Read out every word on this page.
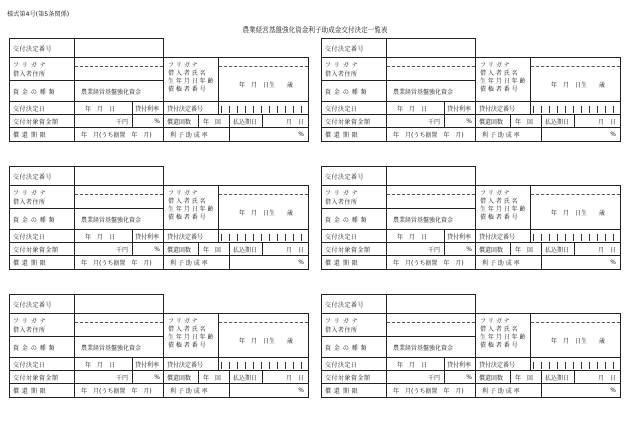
様式第4号(第5条関係)
農業経営基盤強化資金利子助成金交付決定一覧表
交付決定番号
フ リ ガ ナ
借入者住所
フ リ ガ ナ
借 入 者 氏 名
生 年 月 日 年 齢
債 権 者 番 号
年　月　日生　　歳
資 金 の 種 類	農業経営基盤強化資金
交付決定日	年　月　日	貸付利率	貸付決定番号
交付対象資金額	千円	%	償還回数	年　回	払込期日	月　日
償 還 期 限	年　月(うち据置　年　月)	利 子 助 成 率	%
交付決定番号
フ リ ガ ナ
借入者住所
フ リ ガ ナ
借 入 者 氏 名
生 年 月 日 年 齢
債 権 者 番 号
年　月　日生　　歳
資 金 の 種 類	農業経営基盤強化資金
交付決定日	年　月　日	貸付利率	貸付決定番号
交付対象資金額	千円	%	償還回数	年　回	払込期日	月　日
償 還 期 限	年　月(うち据置　年　月)	利 子 助 成 率	%
交付決定番号
フ リ ガ ナ
借入者住所
フ リ ガ ナ
借 入 者 氏 名
生 年 月 日 年 齢
債 権 者 番 号
年　月　日生　　歳
資 金 の 種 類	農業経営基盤強化資金
交付決定日	年　月　日	貸付利率	貸付決定番号
交付対象資金額	千円	%	償還回数	年　回	払込期日	月　日
償 還 期 限	年　月(うち据置　年　月)	利 子 助 成 率	%
交付決定番号
フ リ ガ ナ
借入者住所
フ リ ガ ナ
借 入 者 氏 名
生 年 月 日 年 齢
債 権 者 番 号
年　月　日生　　歳
資 金 の 種 類	農業経営基盤強化資金
交付決定日	年　月　日	貸付利率	貸付決定番号
交付対象資金額	千円	%	償還回数	年　回	払込期日	月　日
償 還 期 限	年　月(うち据置　年　月)	利 子 助 成 率	%
交付決定番号
フ リ ガ ナ
借入者住所
フ リ ガ ナ
借 入 者 氏 名
生 年 月 日 年 齢
債 権 者 番 号
年　月　日生　　歳
資 金 の 種 類	農業経営基盤強化資金
交付決定日	年　月　日	貸付利率	貸付決定番号
交付対象資金額	千円	%	償還回数	年　回	払込期日	月　日
償 還 期 限	年　月(うち据置　年　月)	利 子 助 成 率	%
交付決定番号
フ リ ガ ナ
借入者住所
フ リ ガ ナ
借 入 者 氏 名
生 年 月 日 年 齢
債 権 者 番 号
年　月　日生　　歳
資 金 の 種 類	農業経営基盤強化資金
交付決定日	年　月　日	貸付利率	貸付決定番号
交付対象資金額	千円	%	償還回数	年　回	払込期日	月　日
償 還 期 限	年　月(うち据置　年　月)	利 子 助 成 率	%
